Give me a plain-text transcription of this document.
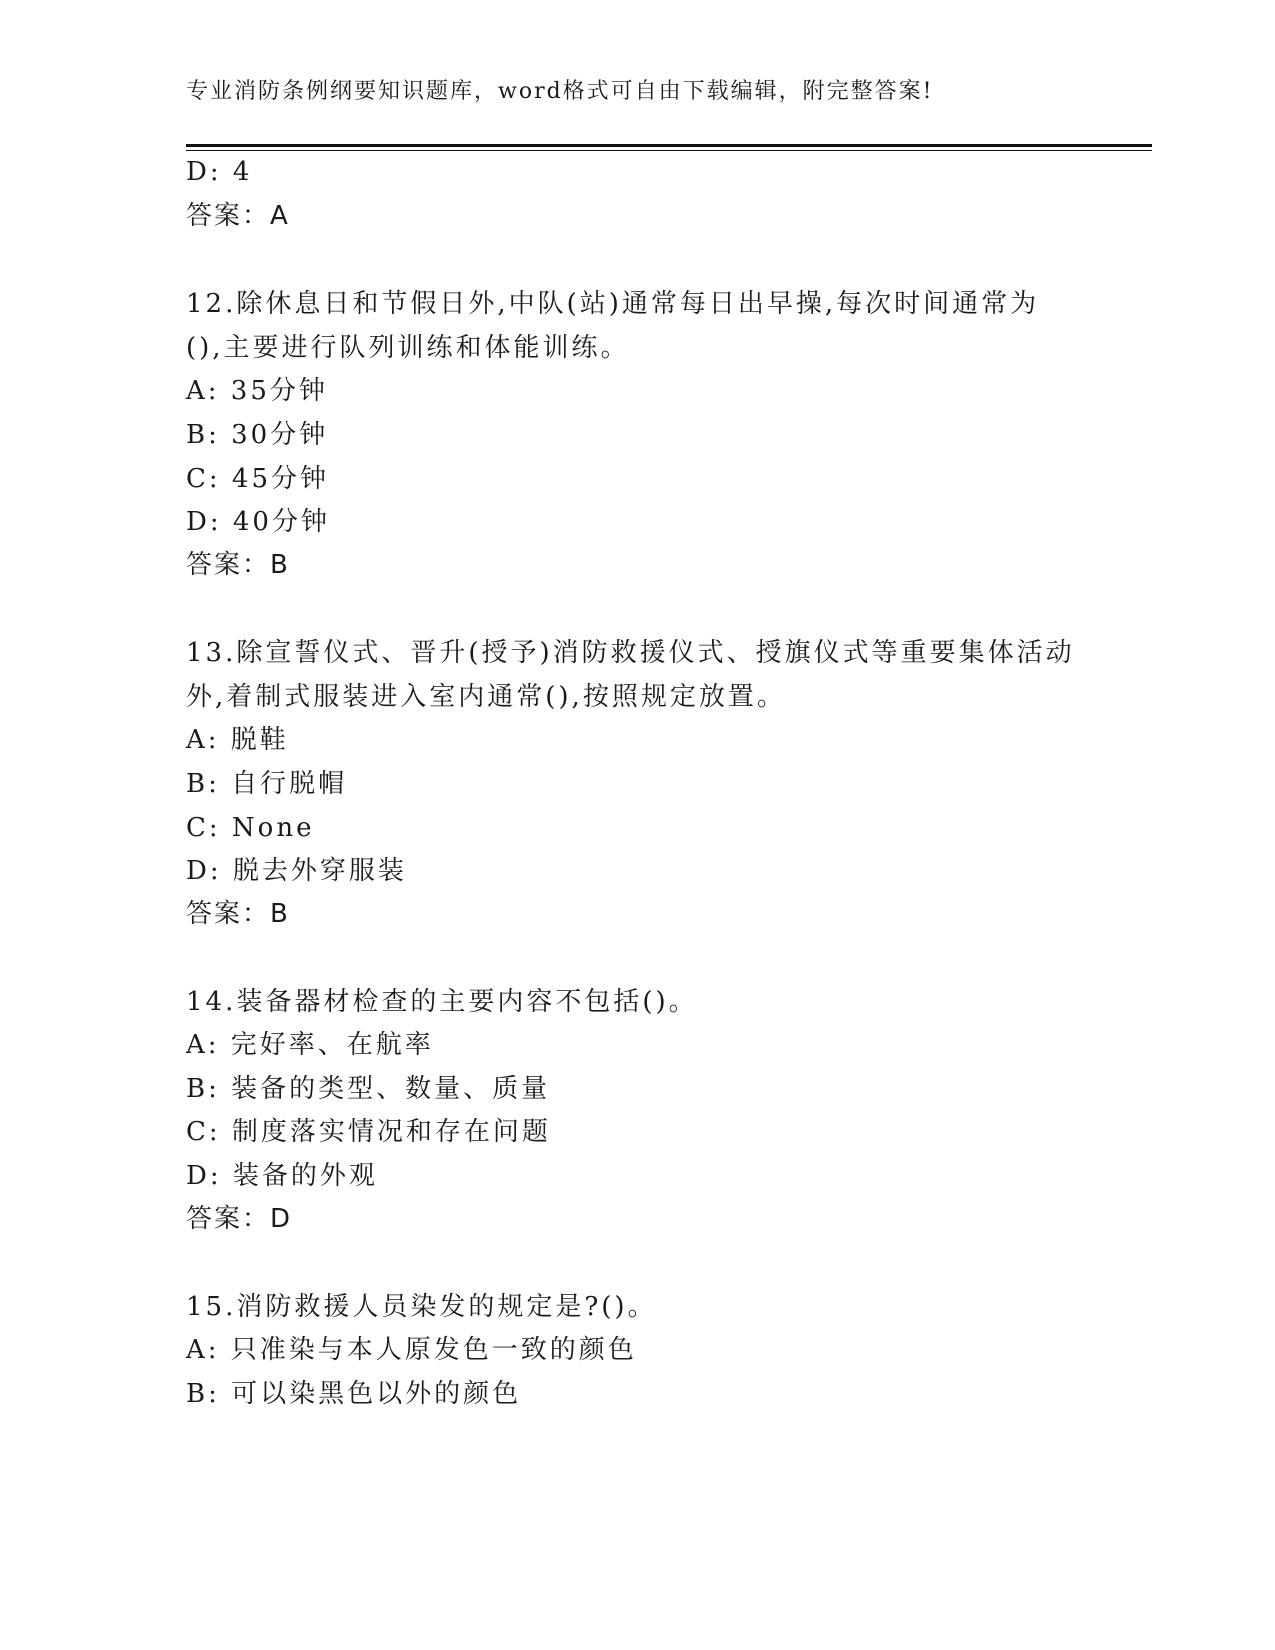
专业消防条例纲要知识题库，word格式可自由下载编辑，附完整答案!
D: 4
答案：A
12.除休息日和节假日外,中队(站)通常每日出早操,每次时间通常为
(),主要进行队列训练和体能训练。
A: 35分钟
B: 30分钟
C: 45分钟
D: 40分钟
答案：B
13.除宣誓仪式、晋升(授予)消防救援仪式、授旗仪式等重要集体活动
外,着制式服装进入室内通常(),按照规定放置。
A: 脱鞋
B: 自行脱帽
C: None
D: 脱去外穿服装
答案：B
14.装备器材检查的主要内容不包括()。
A: 完好率、在航率
B: 装备的类型、数量、质量
C: 制度落实情况和存在问题
D: 装备的外观
答案：D
15.消防救援人员染发的规定是?()。
A: 只准染与本人原发色一致的颜色
B: 可以染黑色以外的颜色
